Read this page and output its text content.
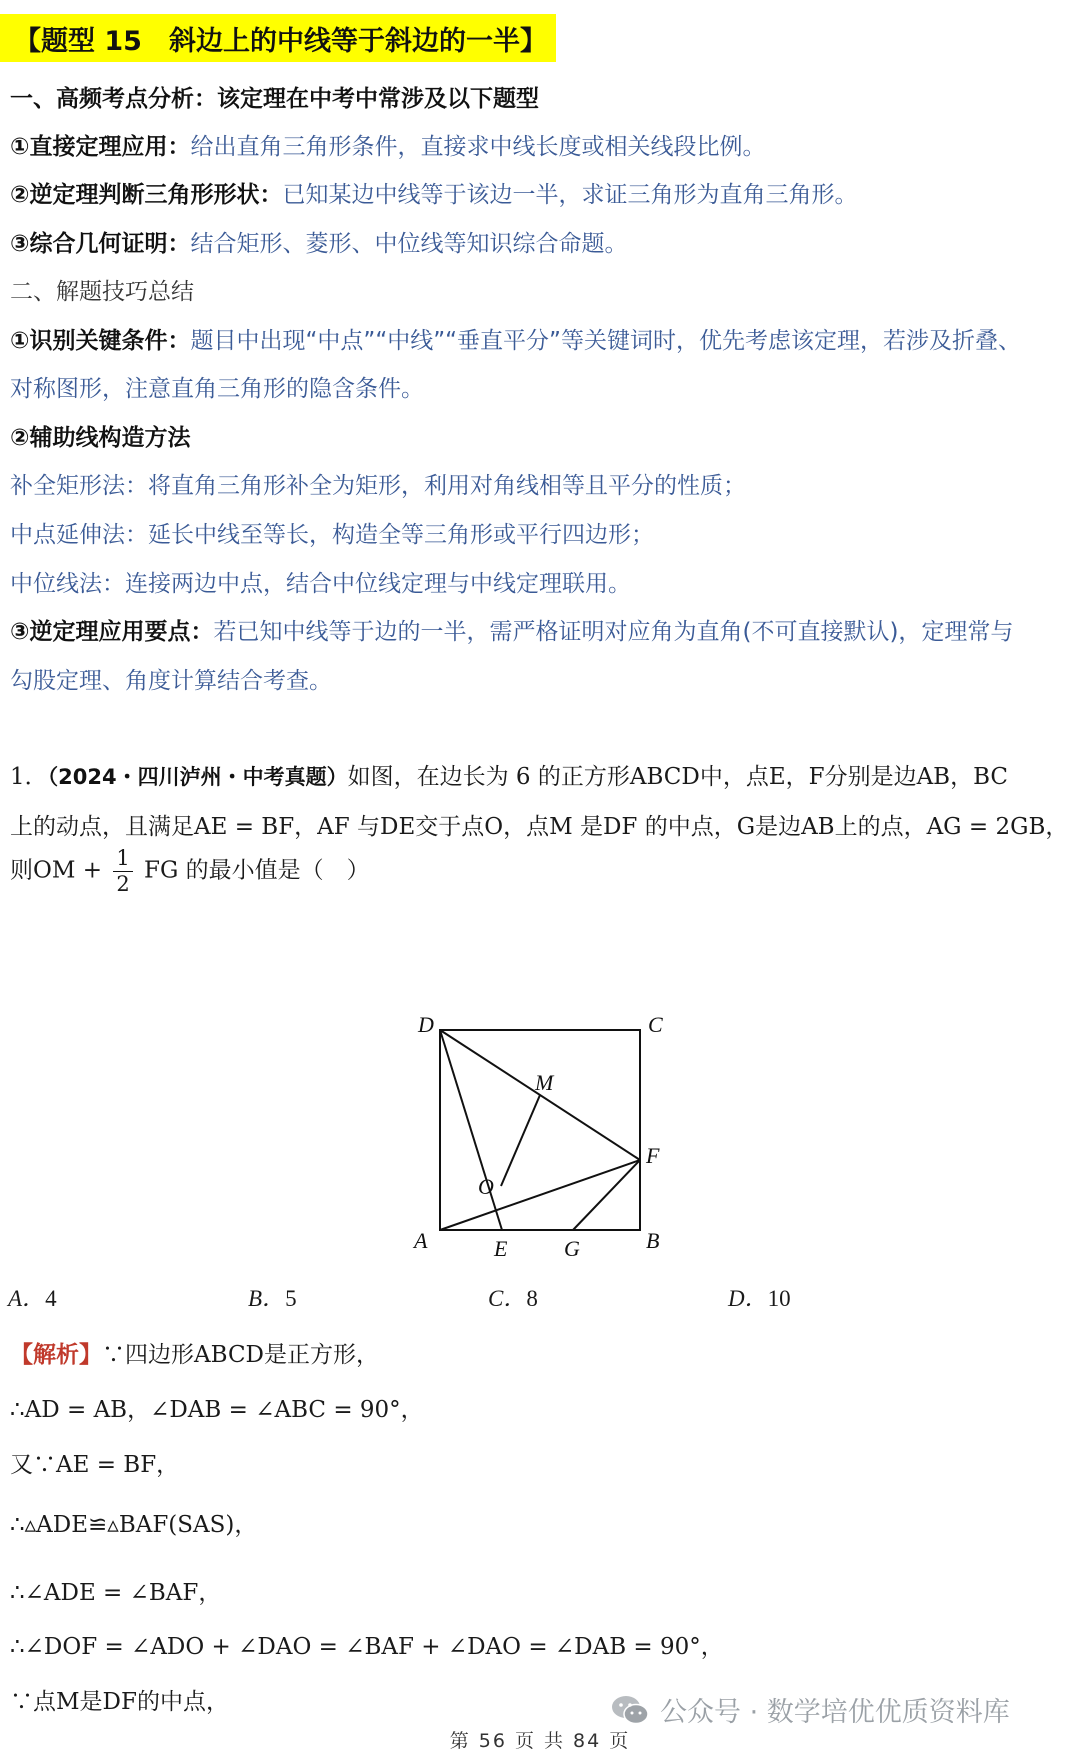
【题型 15　斜边上的中线等于斜边的一半】
一、高频考点分析：该定理在中考中常涉及以下题型
①直接定理应用：给出直角三角形条件，直接求中线长度或相关线段比例。
②逆定理判断三角形形状：已知某边中线等于该边一半，求证三角形为直角三角形。
③综合几何证明：结合矩形、菱形、中位线等知识综合命题。
二、解题技巧总结
①识别关键条件：题目中出现“中点”“中线”“垂直平分”等关键词时，优先考虑该定理，若涉及折叠、
对称图形，注意直角三角形的隐含条件。
②辅助线构造方法
补全矩形法：将直角三角形补全为矩形，利用对角线相等且平分的性质；
中点延伸法：延长中线至等长，构造全等三角形或平行四边形；
中位线法：连接两边中点，结合中位线定理与中线定理联用。
③逆定理应用要点：若已知中线等于边的一半，需严格证明对应角为直角(不可直接默认)，定理常与
勾股定理、角度计算结合考查。
1．（2024・四川泸州・中考真题）如图，在边长为 6 的正方形ABCD中，点E，F分别是边AB，BC
上的动点，且满足AE = BF，AF 与DE交于点O，点M 是DF 的中点，G是边AB上的点，AG = 2GB，
则OM + $\frac{1}{2}$ FG 的最小值是（　）
D	C
M
F
O
A	E	G	B
A．4	B．5	C．8	D．10
【解析】∵四边形ABCD是正方形，
∴AD = AB，∠DAB = ∠ABC = 90°，
又∵AE = BF，
∴▵ADE≌▵BAF(SAS)，
∴∠ADE = ∠BAF，
∴∠DOF = ∠ADO + ∠DAO = ∠BAF + ∠DAO = ∠DAB = 90°，
∵点M是DF的中点，	公众号 · 数学培优优质资料库
第 56 页 共 84 页
